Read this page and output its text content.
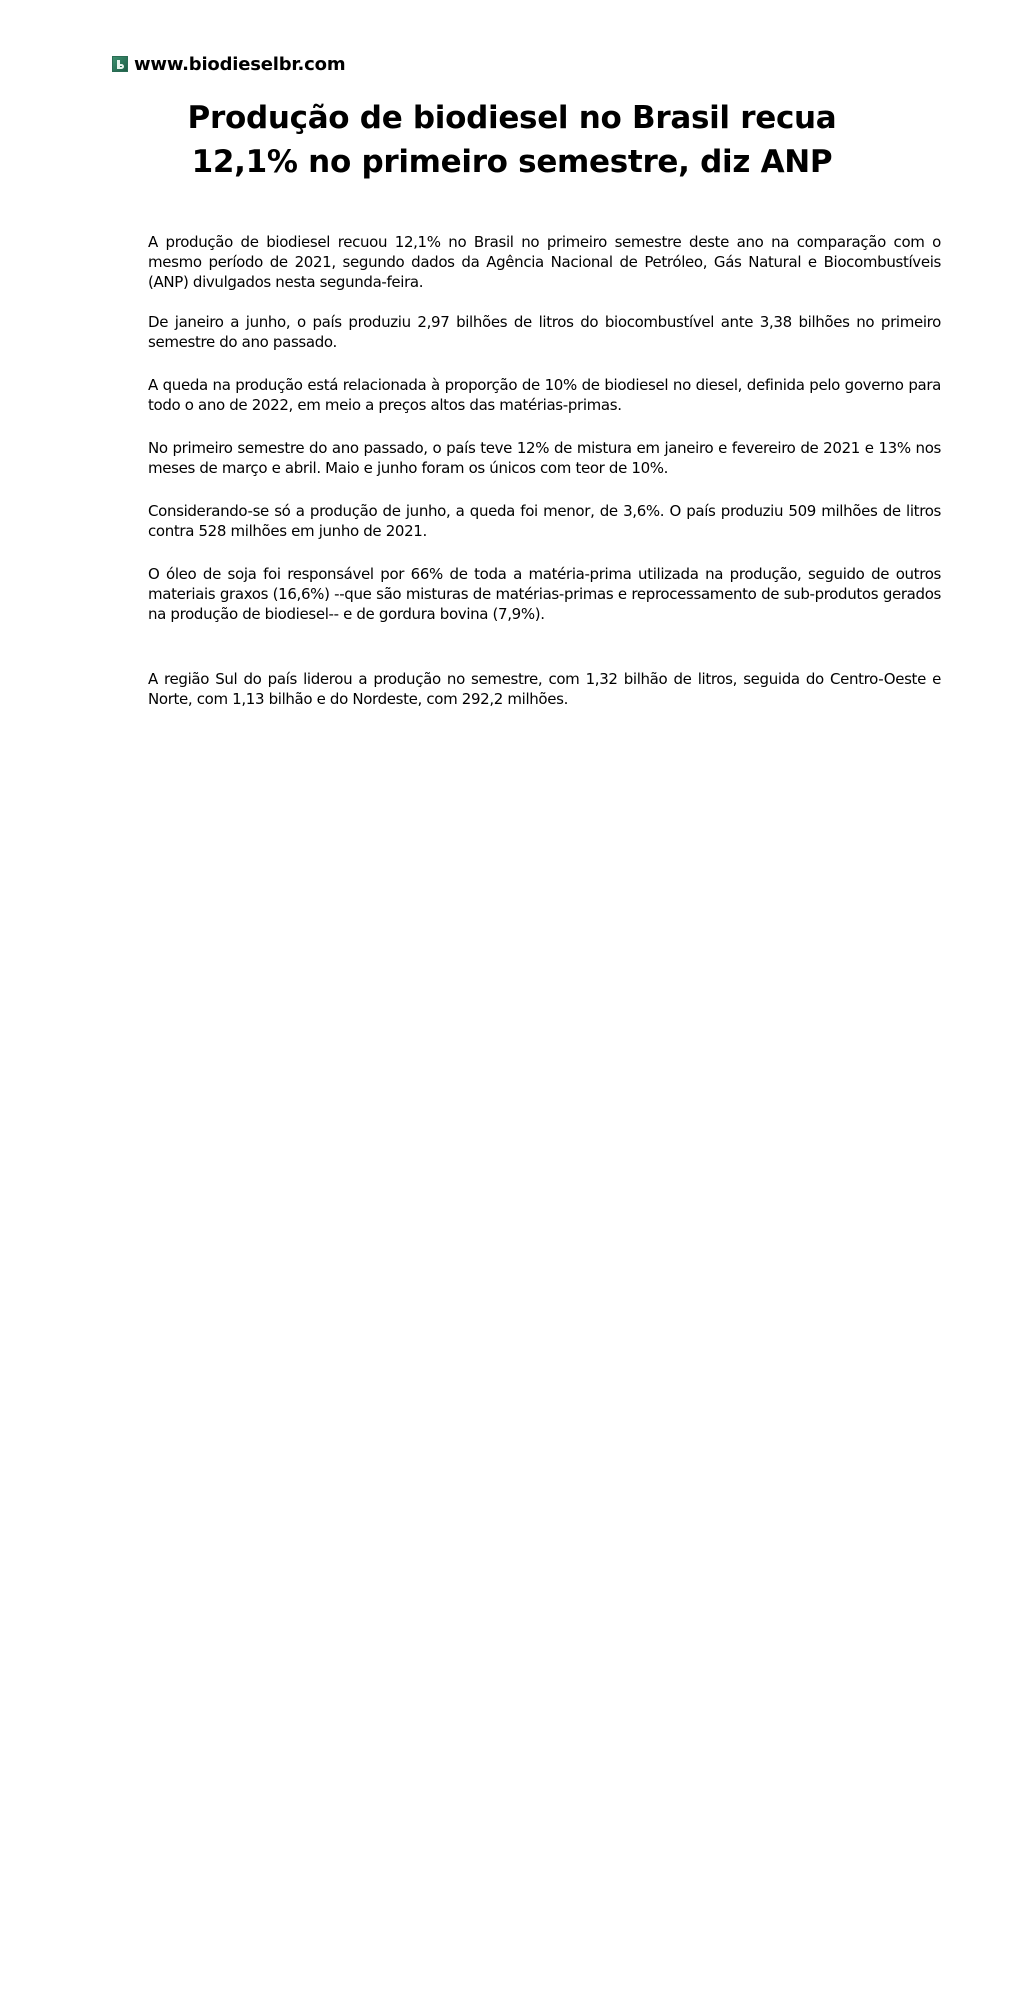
www.biodieselbr.com
Produção de biodiesel no Brasil recua 12,1% no primeiro semestre, diz ANP

A produção de biodiesel recuou 12,1% no Brasil no primeiro semestre deste ano na comparação com o mesmo período de 2021, segundo dados da Agência Nacional de Petróleo, Gás Natural e Biocombustíveis (ANP) divulgados nesta segunda-feira.

De janeiro a junho, o país produziu 2,97 bilhões de litros do biocombustível ante 3,38 bilhões no primeiro semestre do ano passado.

A queda na produção está relacionada à proporção de 10% de biodiesel no diesel, definida pelo governo para todo o ano de 2022, em meio a preços altos das matérias-primas.

No primeiro semestre do ano passado, o país teve 12% de mistura em janeiro e fevereiro de 2021 e 13% nos meses de março e abril. Maio e junho foram os únicos com teor de 10%.

Considerando-se só a produção de junho, a queda foi menor, de 3,6%. O país produziu 509 milhões de litros contra 528 milhões em junho de 2021.

O óleo de soja foi responsável por 66% de toda a matéria-prima utilizada na produção, seguido de outros materiais graxos (16,6%) --que são misturas de matérias-primas e reprocessamento de sub-produtos gerados na produção de biodiesel-- e de gordura bovina (7,9%).

A região Sul do país liderou a produção no semestre, com 1,32 bilhão de litros, seguida do Centro-Oeste e Norte, com 1,13 bilhão e do Nordeste, com 292,2 milhões.
